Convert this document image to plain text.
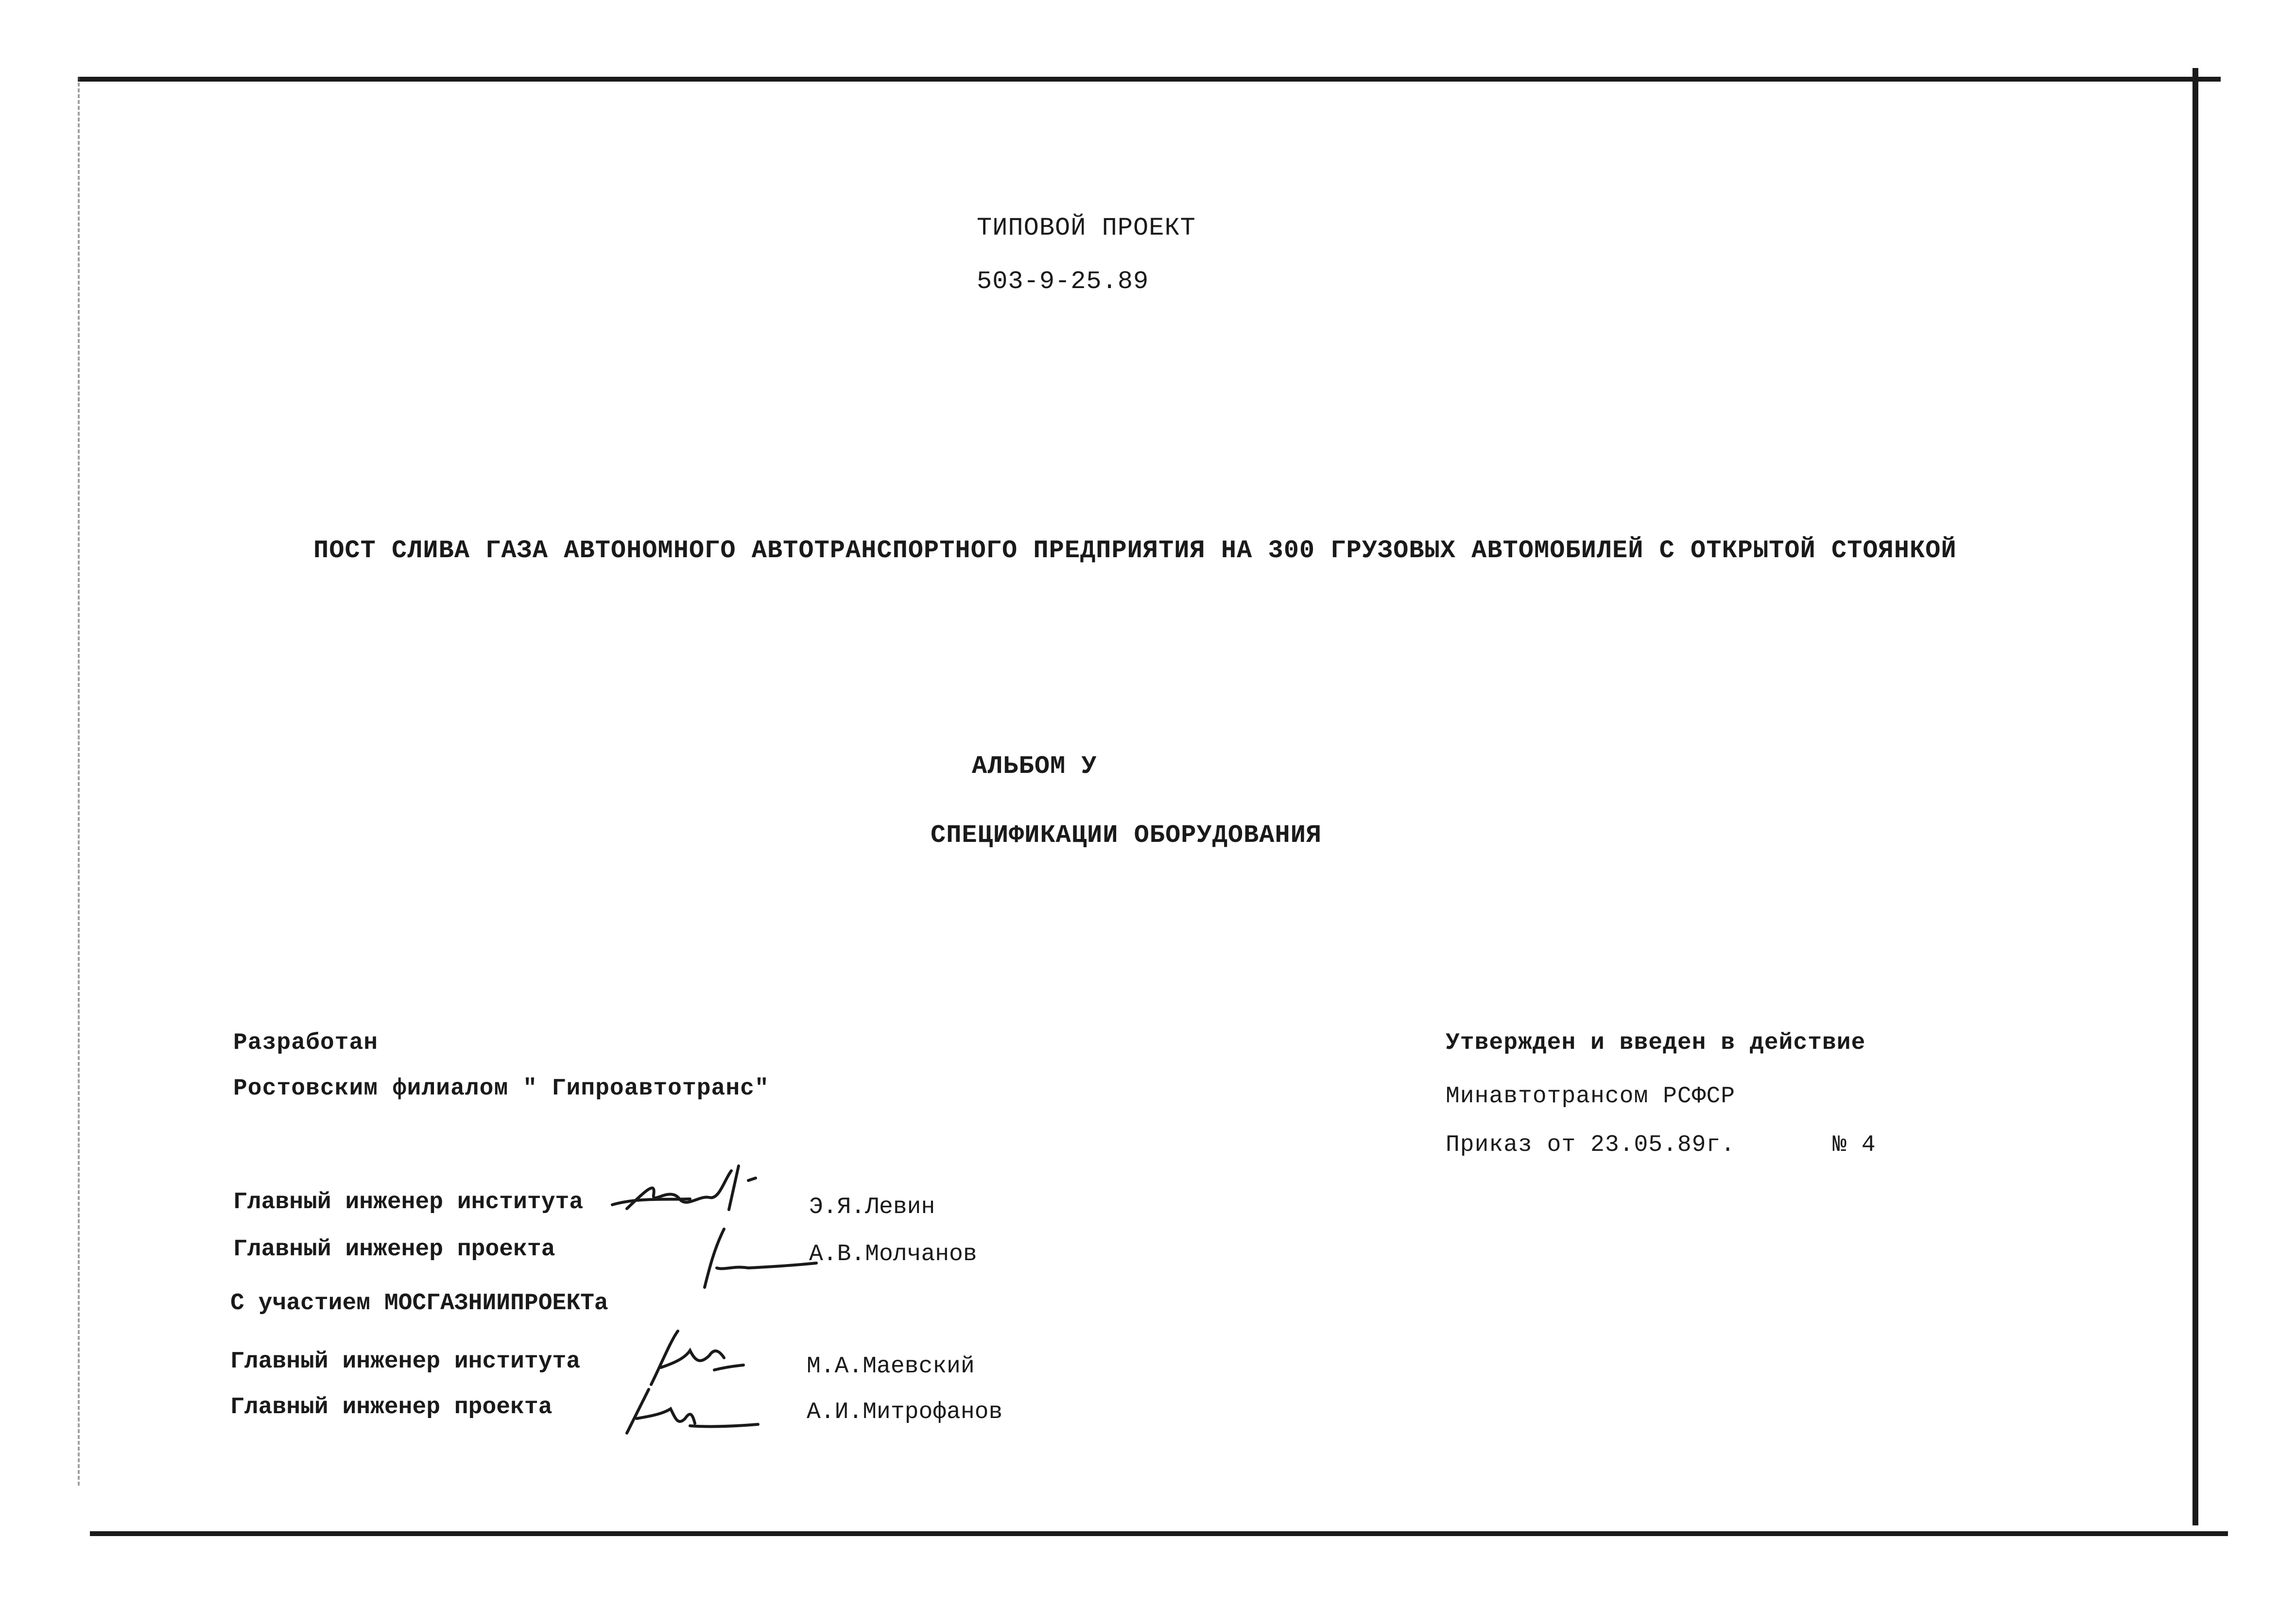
ТИПОВОЙ ПРОЕКТ
503-9-25.89
ПОСТ СЛИВА ГАЗА АВТОНОМНОГО АВТОТРАНСПОРТНОГО ПРЕДПРИЯТИЯ НА 300 ГРУЗОВЫХ АВТОМОБИЛЕЙ С ОТКРЫТОЙ СТОЯНКОЙ
АЛЬБОМ У
СПЕЦИФИКАЦИИ ОБОРУДОВАНИЯ
Разработан
Ростовским филиалом " Гипроавтотранс"
Утвержден и введен в действие
Минавтотрансом РСФСР
Приказ от 23.05.89г.	№ 4
Главный инженер института	Э.Я.Левин
Главный инженер проекта	А.В.Молчанов
С участием МОСГАЗНИИПРОЕКТа
Главный инженер института	М.А.Маевский
Главный инженер проекта	А.И.Митрофанов
